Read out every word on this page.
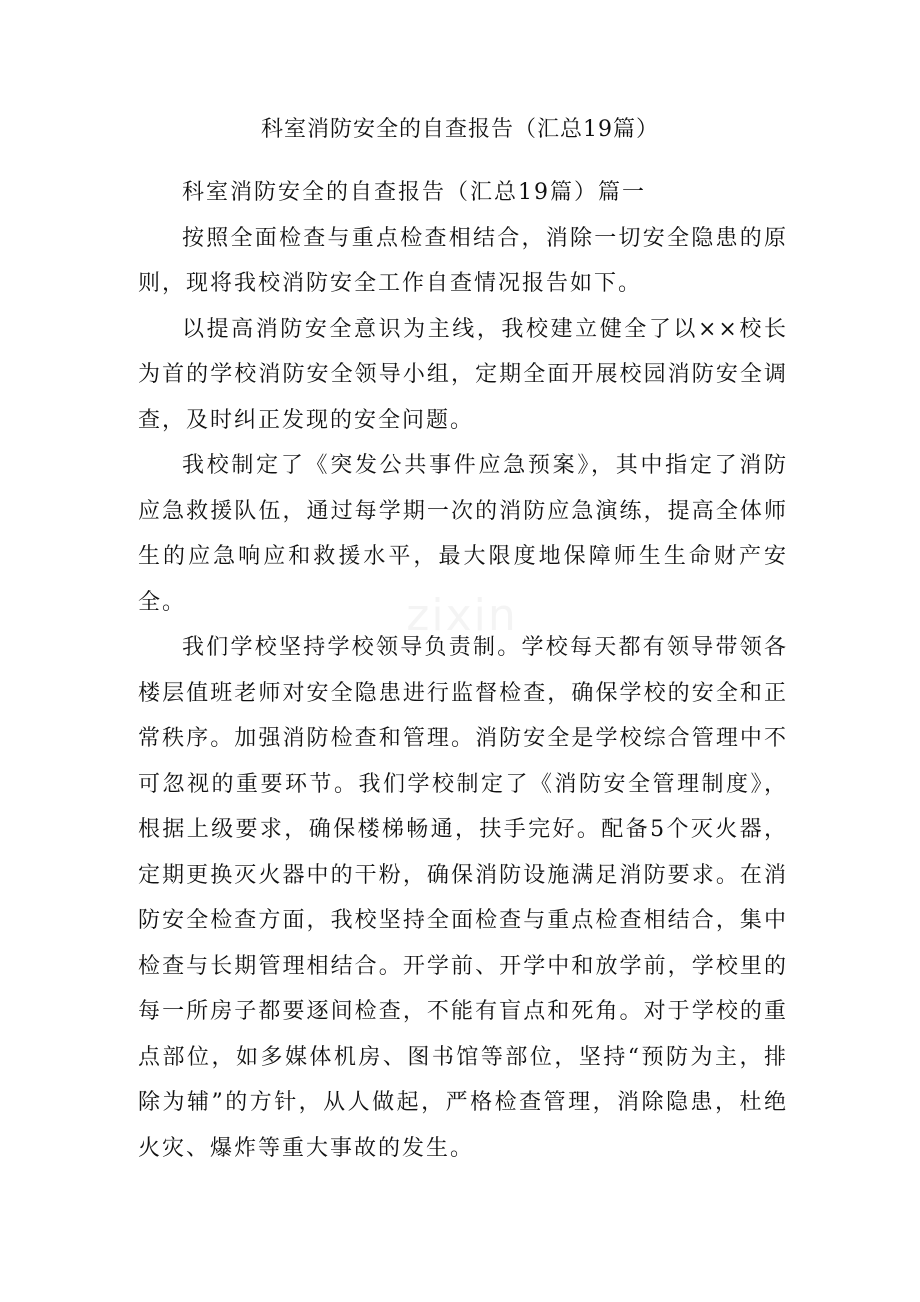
科室消防安全的自查报告（汇总19篇）

科室消防安全的自查报告（汇总19篇）篇一

按照全面检查与重点检查相结合，消除一切安全隐患的原则，现将我校消防安全工作自查情况报告如下。

以提高消防安全意识为主线，我校建立健全了以××校长为首的学校消防安全领导小组，定期全面开展校园消防安全调查，及时纠正发现的安全问题。

我校制定了《突发公共事件应急预案》，其中指定了消防应急救援队伍，通过每学期一次的消防应急演练，提高全体师生的应急响应和救援水平，最大限度地保障师生生命财产安全。

我们学校坚持学校领导负责制。学校每天都有领导带领各楼层值班老师对安全隐患进行监督检查，确保学校的安全和正常秩序。加强消防检查和管理。消防安全是学校综合管理中不可忽视的重要环节。我们学校制定了《消防安全管理制度》，根据上级要求，确保楼梯畅通，扶手完好。配备5个灭火器，定期更换灭火器中的干粉，确保消防设施满足消防要求。在消防安全检查方面，我校坚持全面检查与重点检查相结合，集中检查与长期管理相结合。开学前、开学中和放学前，学校里的每一所房子都要逐间检查，不能有盲点和死角。对于学校的重点部位，如多媒体机房、图书馆等部位，坚持“预防为主，排除为辅”的方针，从人做起，严格检查管理，消除隐患，杜绝火灾、爆炸等重大事故的发生。

zixin
